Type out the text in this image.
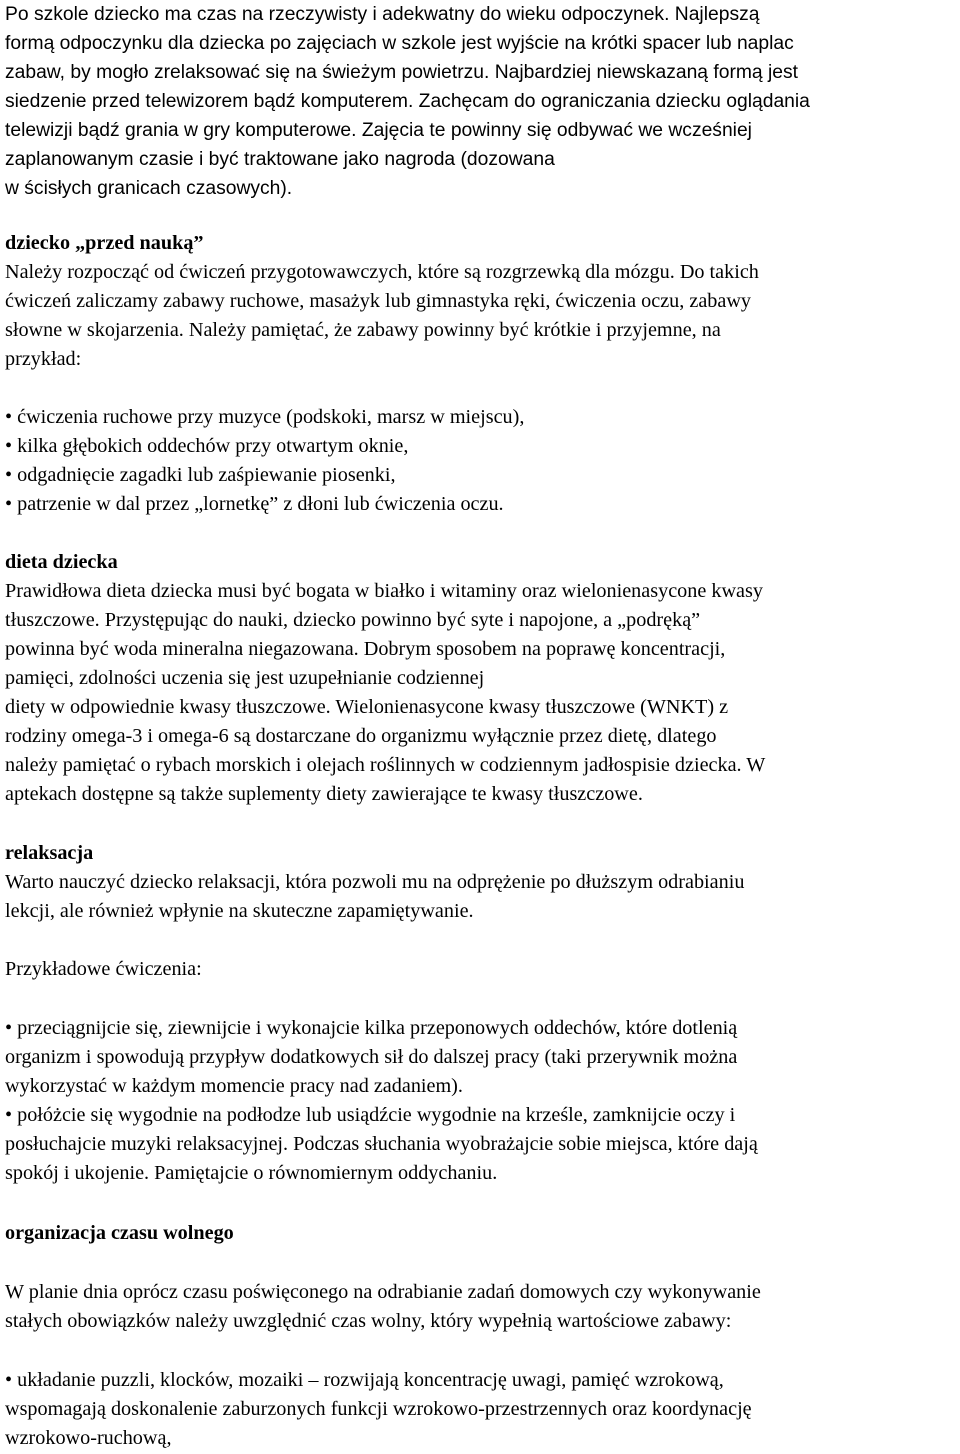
Po szkole dziecko ma czas na rzeczywisty i adekwatny do wieku odpoczynek. Najlepszą
formą odpoczynku dla dziecka po zajęciach w szkole jest wyjście na krótki spacer lub naplac
zabaw, by mogło zrelaksować się na świeżym powietrzu. Najbardziej niewskazaną formą jest
siedzenie przed telewizorem bądź komputerem. Zachęcam do ograniczania dziecku oglądania
telewizji bądź grania w gry komputerowe. Zajęcia te powinny się odbywać we wcześniej
zaplanowanym czasie i być traktowane jako nagroda (dozowana
w ścisłych granicach czasowych).
dziecko „przed nauką”
Należy rozpocząć od ćwiczeń przygotowawczych, które są rozgrzewką dla mózgu. Do takich
ćwiczeń zaliczamy zabawy ruchowe, masażyk lub gimnastyka ręki, ćwiczenia oczu, zabawy
słowne w skojarzenia. Należy pamiętać, że zabawy powinny być krótkie i przyjemne, na
przykład:
• ćwiczenia ruchowe przy muzyce (podskoki, marsz w miejscu),
• kilka głębokich oddechów przy otwartym oknie,
• odgadnięcie zagadki lub zaśpiewanie piosenki,
• patrzenie w dal przez „lornetkę” z dłoni lub ćwiczenia oczu.
dieta dziecka
Prawidłowa dieta dziecka musi być bogata w białko i witaminy oraz wielonienasycone kwasy
tłuszczowe. Przystępując do nauki, dziecko powinno być syte i napojone, a „podręką”
powinna być woda mineralna niegazowana. Dobrym sposobem na poprawę koncentracji,
pamięci, zdolności uczenia się jest uzupełnianie codziennej
diety w odpowiednie kwasy tłuszczowe. Wielonienasycone kwasy tłuszczowe (WNKT) z
rodziny omega-3 i omega-6 są dostarczane do organizmu wyłącznie przez dietę, dlatego
należy pamiętać o rybach morskich i olejach roślinnych w codziennym jadłospisie dziecka. W
aptekach dostępne są także suplementy diety zawierające te kwasy tłuszczowe.
relaksacja
Warto nauczyć dziecko relaksacji, która pozwoli mu na odprężenie po dłuższym odrabianiu
lekcji, ale również wpłynie na skuteczne zapamiętywanie.
Przykładowe ćwiczenia:
• przeciągnijcie się, ziewnijcie i wykonajcie kilka przeponowych oddechów, które dotlenią
organizm i spowodują przypływ dodatkowych sił do dalszej pracy (taki przerywnik można
wykorzystać w każdym momencie pracy nad zadaniem).
• połóżcie się wygodnie na podłodze lub usiądźcie wygodnie na krześle, zamknijcie oczy i
posłuchajcie muzyki relaksacyjnej. Podczas słuchania wyobrażajcie sobie miejsca, które dają
spokój i ukojenie. Pamiętajcie o równomiernym oddychaniu.
organizacja czasu wolnego
W planie dnia oprócz czasu poświęconego na odrabianie zadań domowych czy wykonywanie
stałych obowiązków należy uwzględnić czas wolny, który wypełnią wartościowe zabawy:
• układanie puzzli, klocków, mozaiki – rozwijają koncentrację uwagi, pamięć wzrokową,
wspomagają doskonalenie zaburzonych funkcji wzrokowo-przestrzennych oraz koordynację
wzrokowo-ruchową,
